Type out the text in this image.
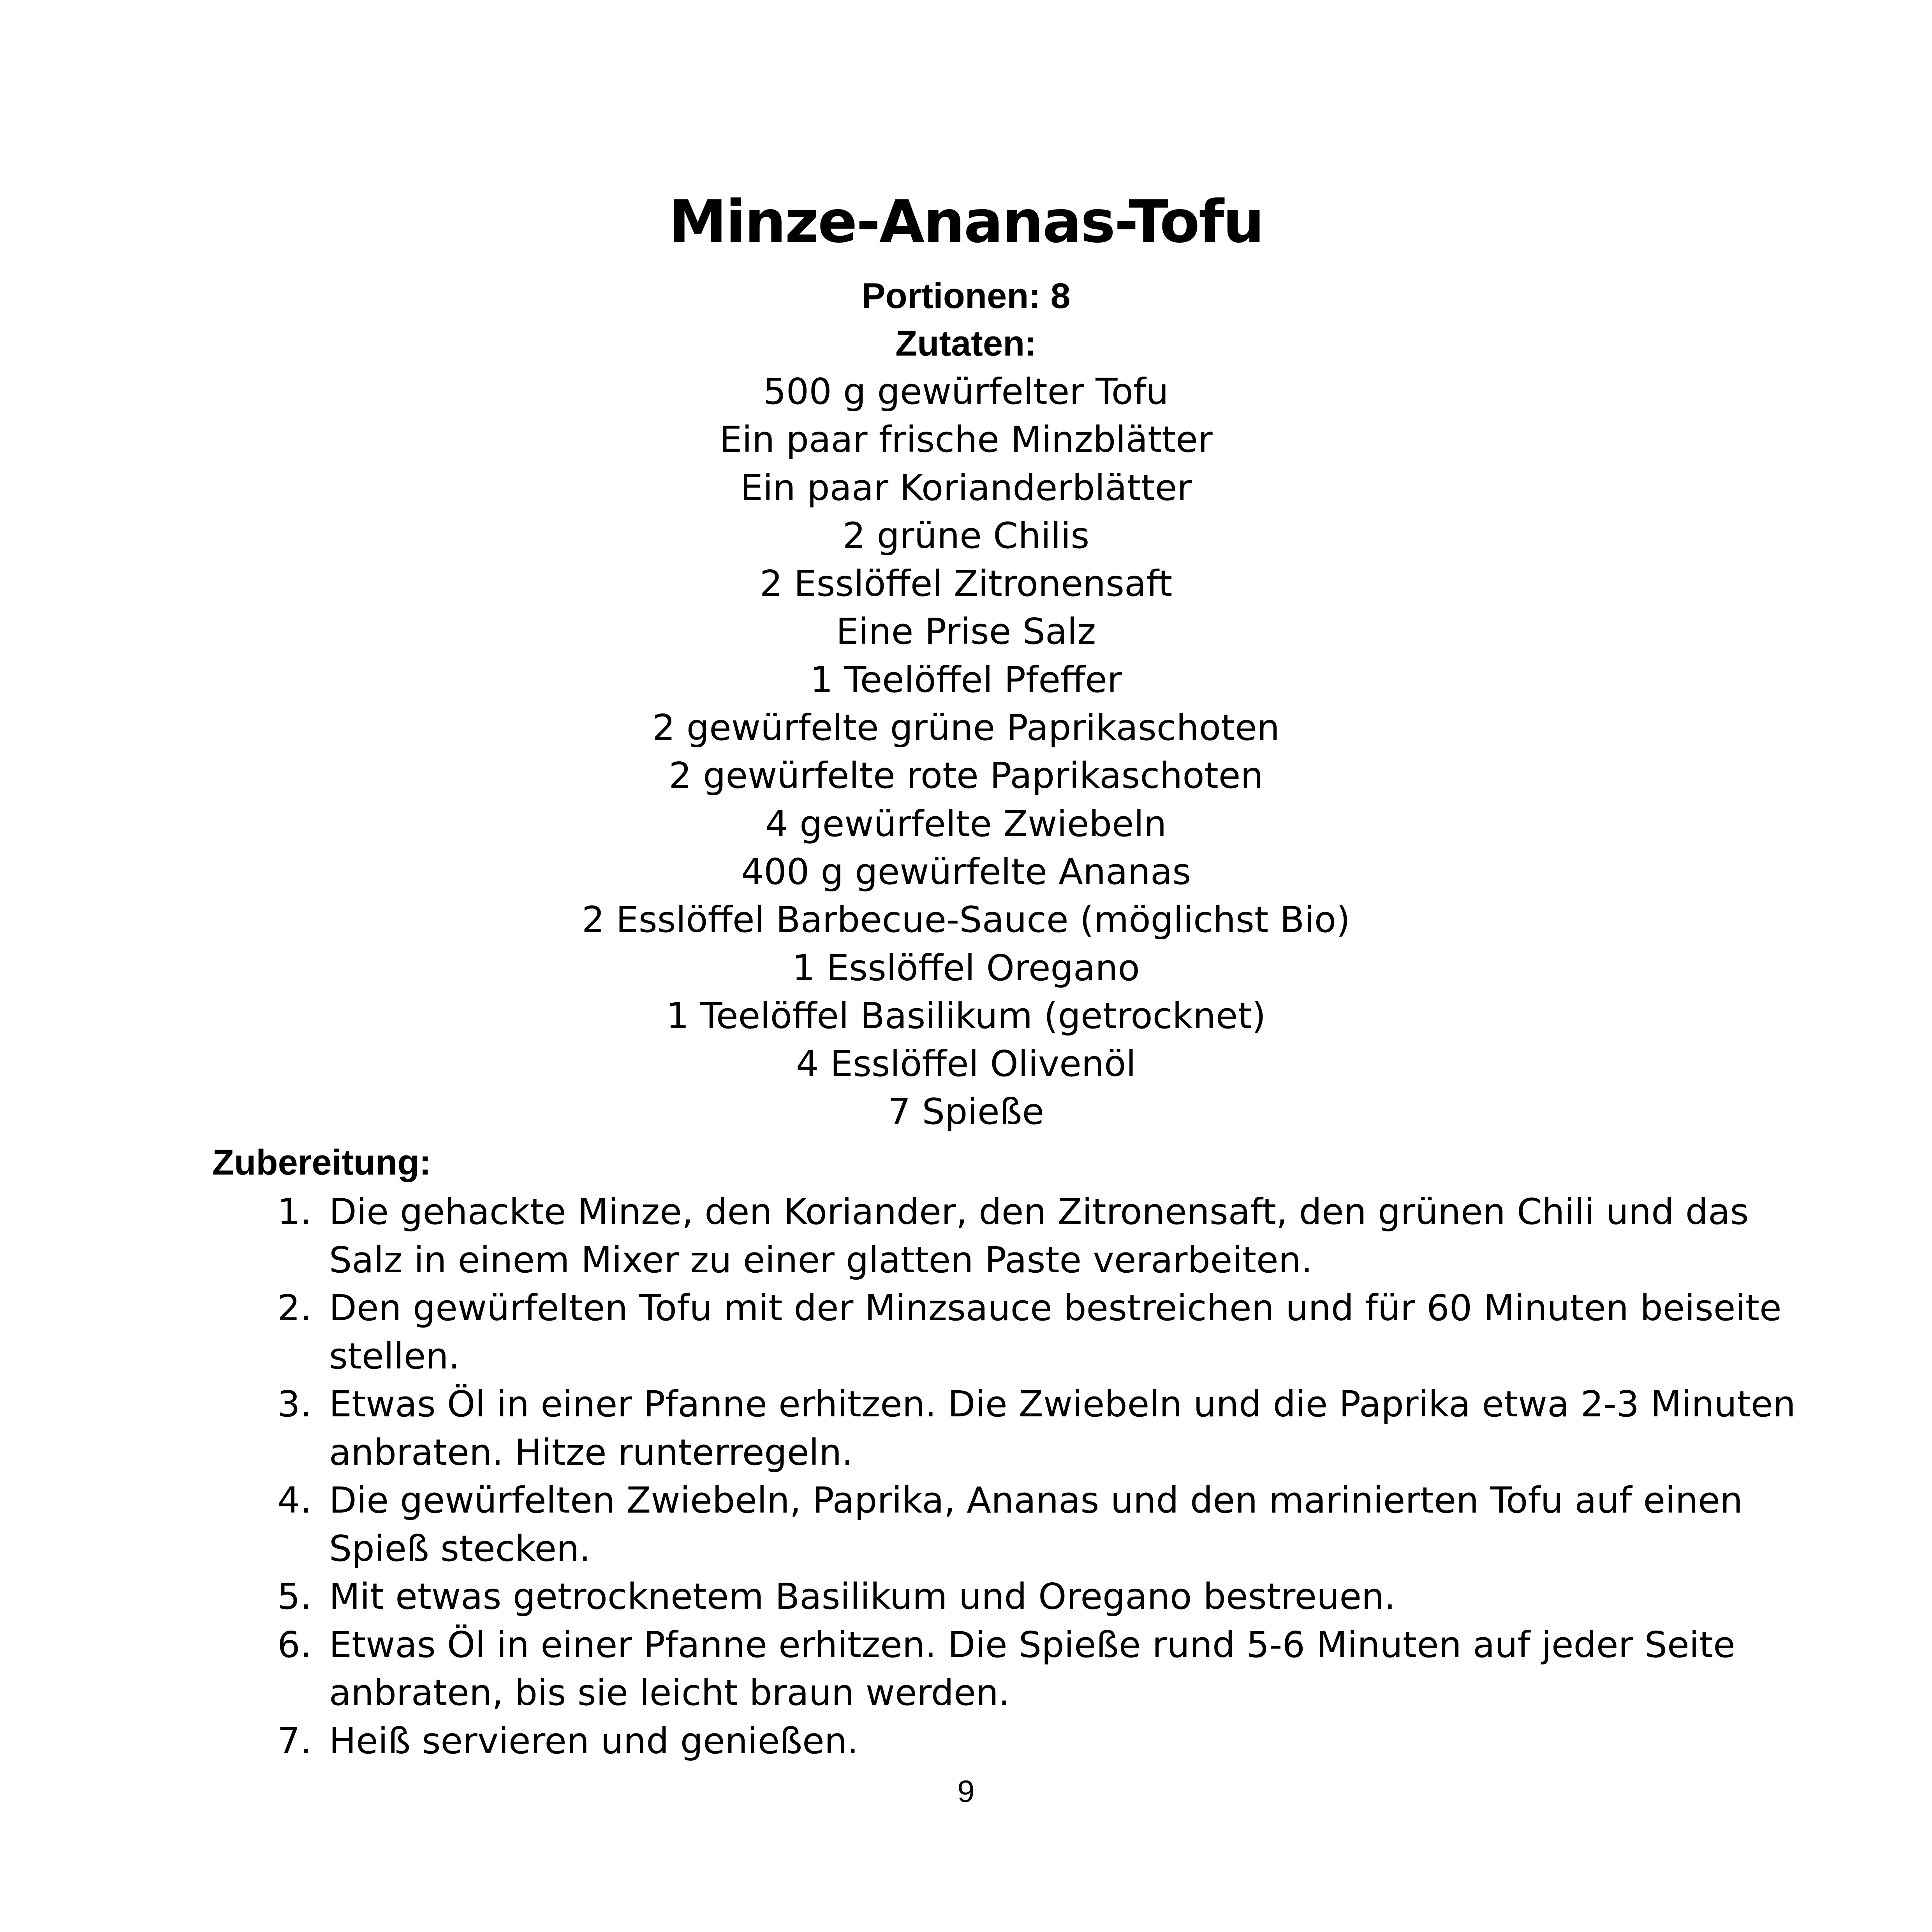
Minze-Ananas-Tofu
Portionen: 8
Zutaten:
500 g gewürfelter Tofu
Ein paar frische Minzblätter
Ein paar Korianderblätter
2 grüne Chilis
2 Esslöffel Zitronensaft
Eine Prise Salz
1 Teelöffel Pfeffer
2 gewürfelte grüne Paprikaschoten
2 gewürfelte rote Paprikaschoten
4 gewürfelte Zwiebeln
400 g gewürfelte Ananas
2 Esslöffel Barbecue-Sauce (möglichst Bio)
1 Esslöffel Oregano
1 Teelöffel Basilikum (getrocknet)
4 Esslöffel Olivenöl
7 Spieße
Zubereitung:
1. Die gehackte Minze, den Koriander, den Zitronensaft, den grünen Chili und das Salz in einem Mixer zu einer glatten Paste verarbeiten.
2. Den gewürfelten Tofu mit der Minzsauce bestreichen und für 60 Minuten beiseite stellen.
3. Etwas Öl in einer Pfanne erhitzen. Die Zwiebeln und die Paprika etwa 2-3 Minuten anbraten. Hitze runterregeln.
4. Die gewürfelten Zwiebeln, Paprika, Ananas und den marinierten Tofu auf einen Spieß stecken.
5. Mit etwas getrocknetem Basilikum und Oregano bestreuen.
6. Etwas Öl in einer Pfanne erhitzen. Die Spieße rund 5-6 Minuten auf jeder Seite anbraten, bis sie leicht braun werden.
7. Heiß servieren und genießen.
9
